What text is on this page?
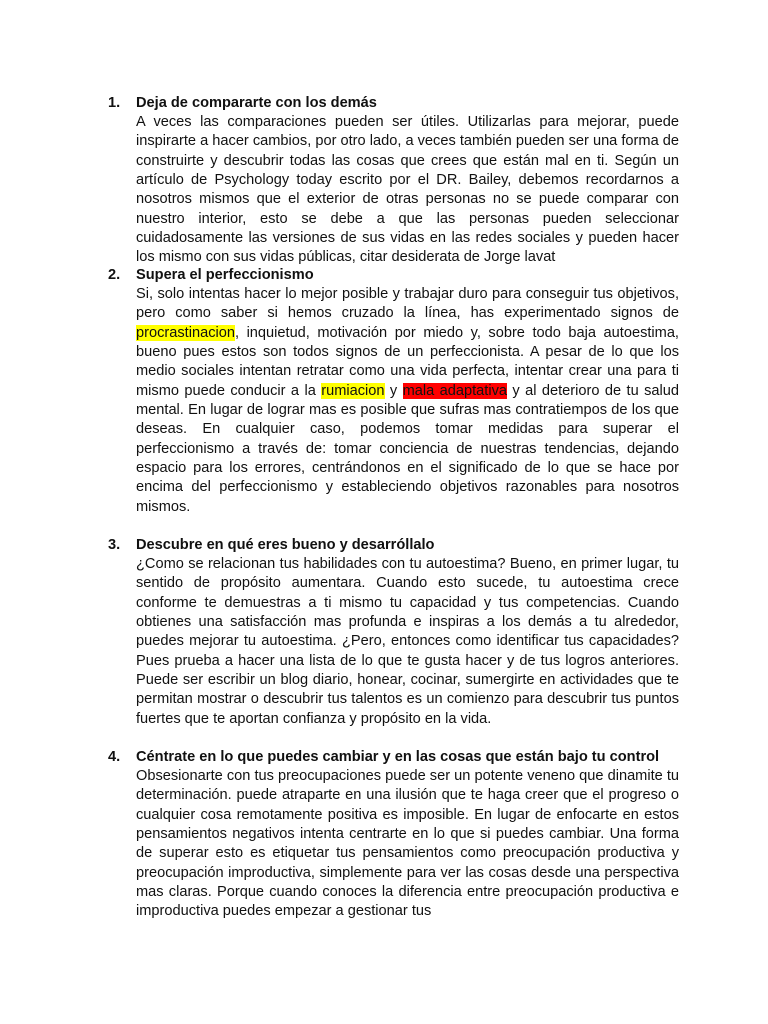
1. Deja de compararte con los demás
A veces las comparaciones pueden ser útiles. Utilizarlas para mejorar, puede inspirarte a hacer cambios, por otro lado, a veces también pueden ser una forma de construirte y descubrir todas las cosas que crees que están mal en ti. Según un artículo de Psychology today escrito por el DR. Bailey, debemos recordarnos a nosotros mismos que el exterior de otras personas no se puede comparar con nuestro interior, esto se debe a que las personas pueden seleccionar cuidadosamente las versiones de sus vidas en las redes sociales y pueden hacer los mismo con sus vidas públicas, citar desiderata de Jorge lavat
2. Supera el perfeccionismo
Si, solo intentas hacer lo mejor posible y trabajar duro para conseguir tus objetivos, pero como saber si hemos cruzado la línea, has experimentado signos de procrastinacion, inquietud, motivación por miedo y, sobre todo baja autoestima, bueno pues estos son todos signos de un perfeccionista. A pesar de lo que los medio sociales intentan retratar como una vida perfecta, intentar crear una para ti mismo puede conducir a la rumiacion y mala adaptativa y al deterioro de tu salud mental. En lugar de lograr mas es posible que sufras mas contratiempos de los que deseas. En cualquier caso, podemos tomar medidas para superar el perfeccionismo a través de: tomar conciencia de nuestras tendencias, dejando espacio para los errores, centrándonos en el significado de lo que se hace por encima del perfeccionismo y estableciendo objetivos razonables para nosotros mismos.
3. Descubre en qué eres bueno y desarróllalo
¿Como se relacionan tus habilidades con tu autoestima? Bueno, en primer lugar, tu sentido de propósito aumentara. Cuando esto sucede, tu autoestima crece conforme te demuestras a ti mismo tu capacidad y tus competencias. Cuando obtienes una satisfacción mas profunda e inspiras a los demás a tu alrededor, puedes mejorar tu autoestima. ¿Pero, entonces como identificar tus capacidades? Pues prueba a hacer una lista de lo que te gusta hacer y de tus logros anteriores. Puede ser escribir un blog diario, honear, cocinar, sumergirte en actividades que te permitan mostrar o descubrir tus talentos es un comienzo para descubrir tus puntos fuertes que te aportan confianza y propósito en la vida.
4. Céntrate en lo que puedes cambiar y en las cosas que están bajo tu control
Obsesionarte con tus preocupaciones puede ser un potente veneno que dinamite tu determinación. puede atraparte en una ilusión que te haga creer que el progreso o cualquier cosa remotamente positiva es imposible. En lugar de enfocarte en estos pensamientos negativos intenta centrarte en lo que si puedes cambiar. Una forma de superar esto es etiquetar tus pensamientos como preocupación productiva y preocupación improductiva, simplemente para ver las cosas desde una perspectiva mas claras. Porque cuando conoces la diferencia entre preocupación productiva e improductiva puedes empezar a gestionar tus
